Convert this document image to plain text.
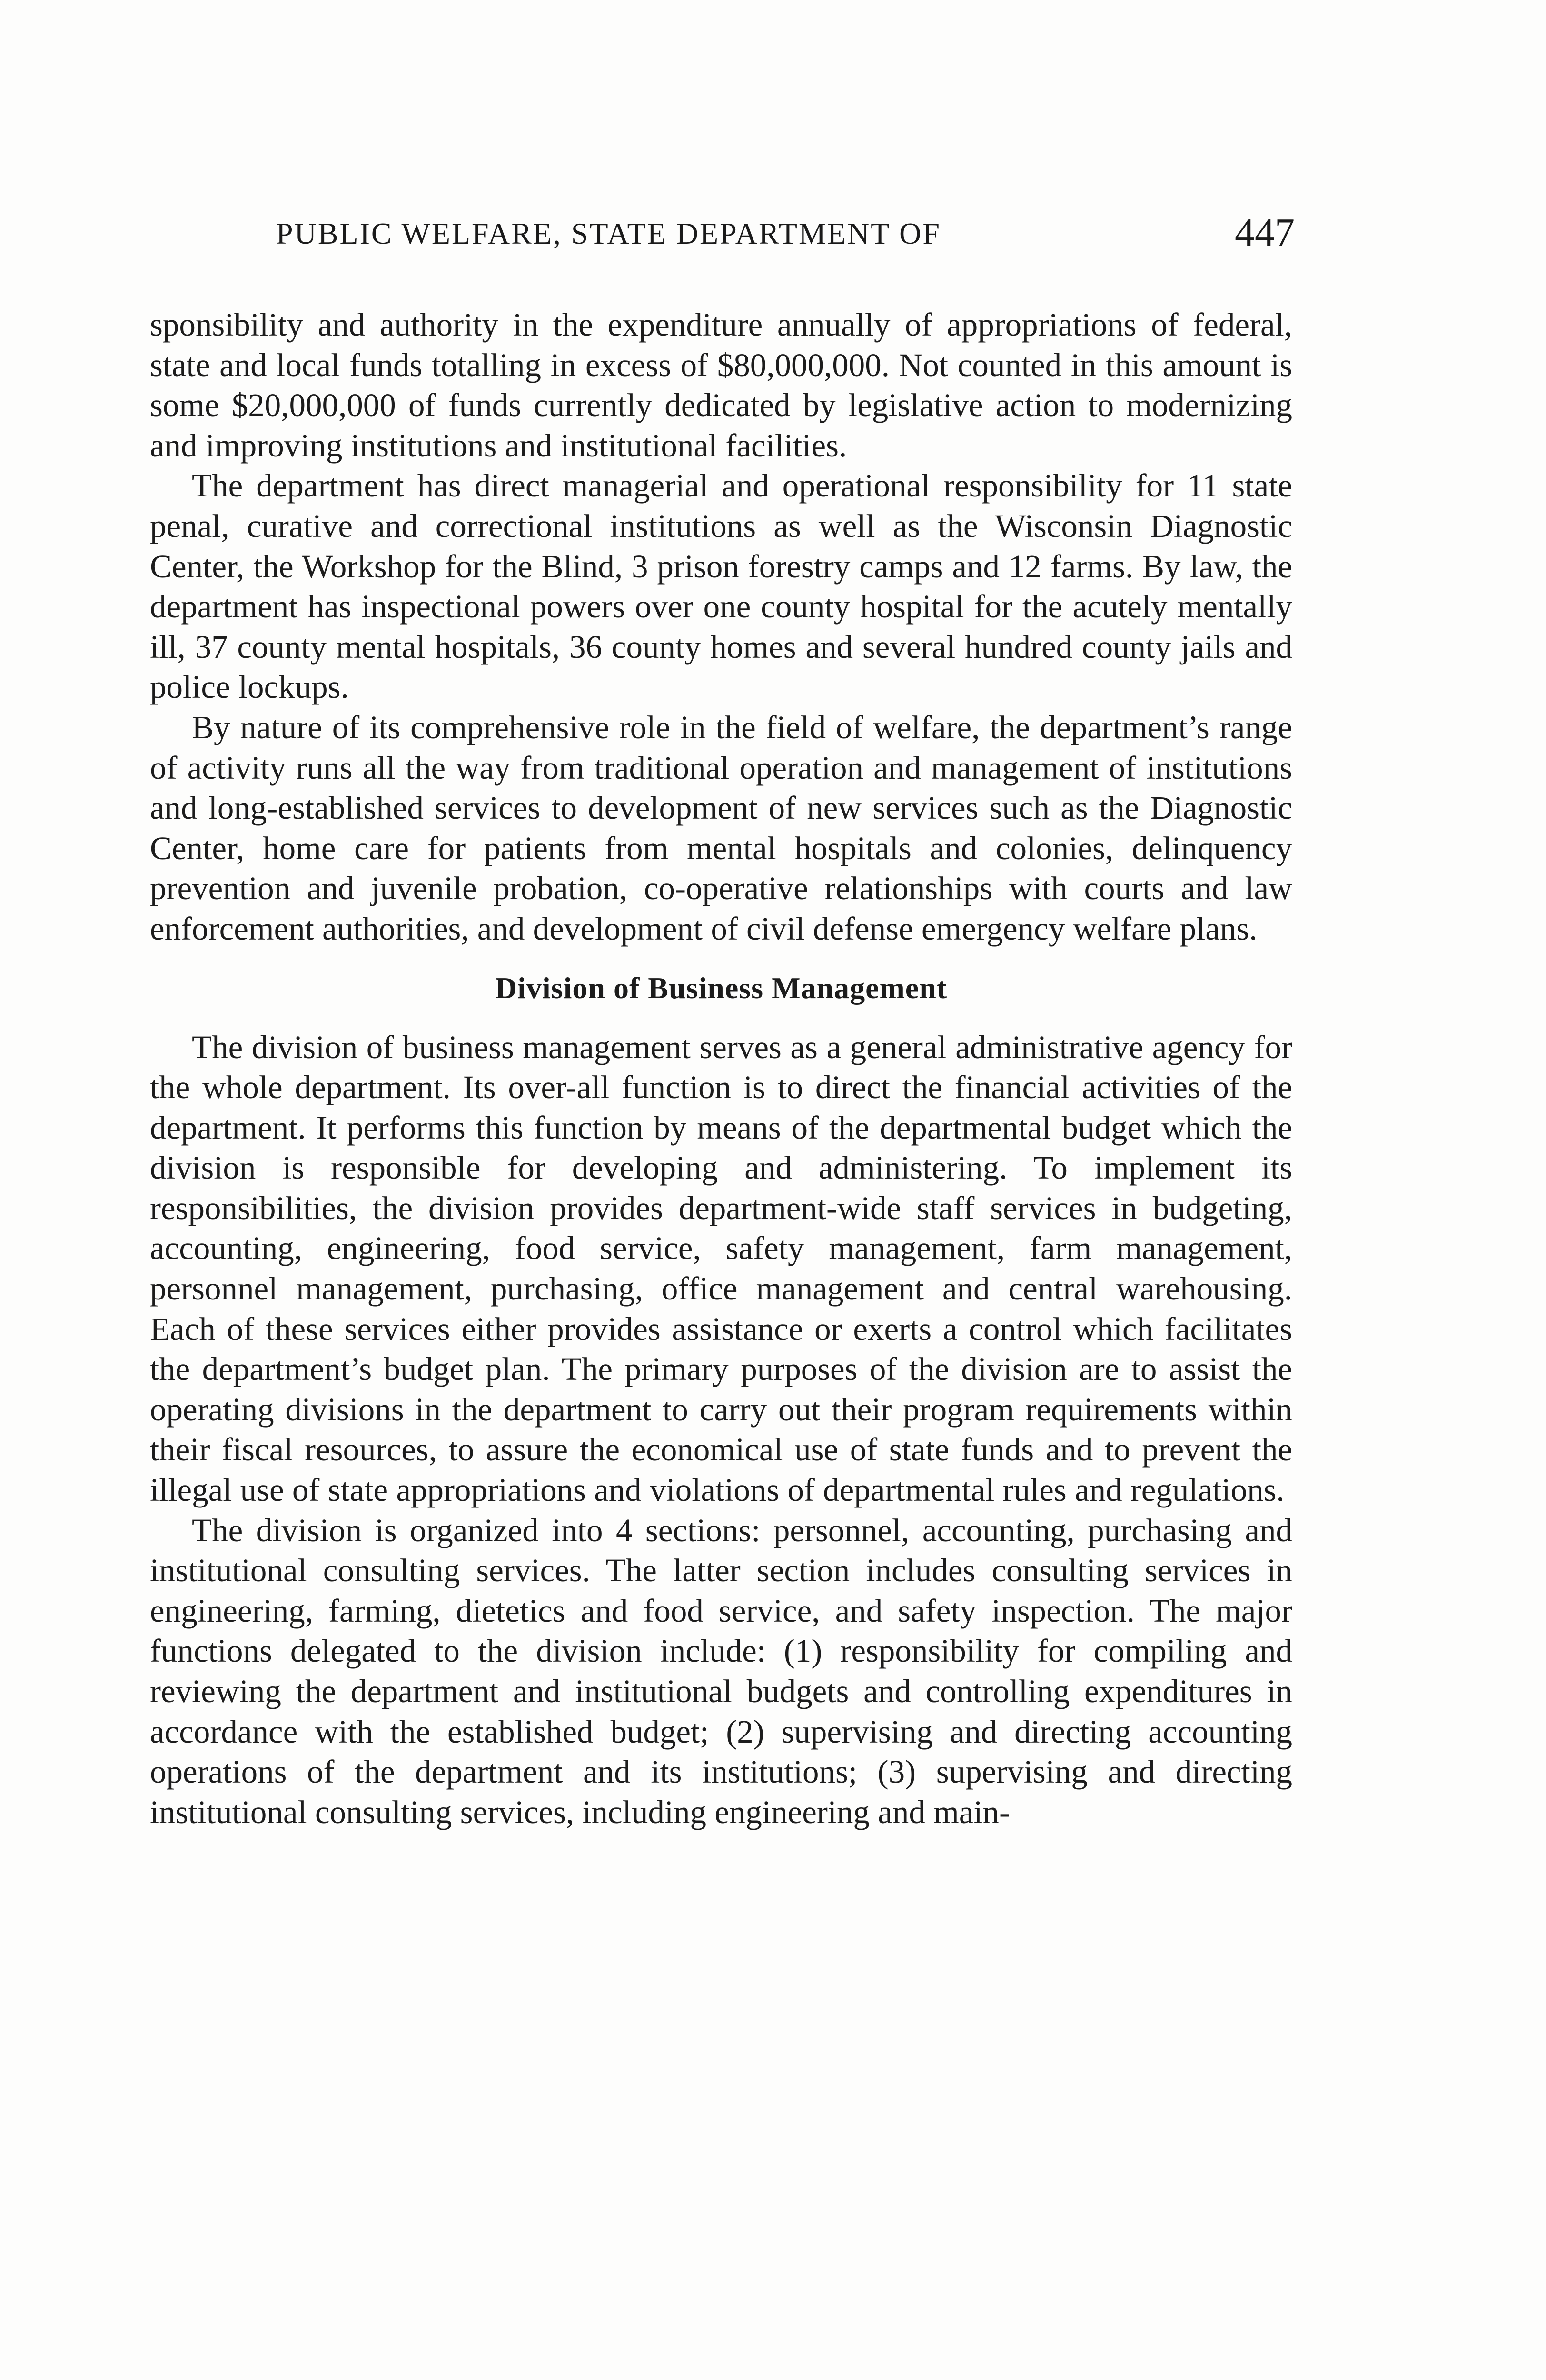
PUBLIC WELFARE, STATE DEPARTMENT OF	447

sponsibility and authority in the expenditure annually of appropriations of federal, state and local funds totalling in excess of $80,000,000. Not counted in this amount is some $20,000,000 of funds currently dedicated by legislative action to modernizing and improving institutions and institutional facilities.

The department has direct managerial and operational responsibility for 11 state penal, curative and correctional institutions as well as the Wisconsin Diagnostic Center, the Workshop for the Blind, 3 prison forestry camps and 12 farms. By law, the department has inspectional powers over one county hospital for the acutely mentally ill, 37 county mental hospitals, 36 county homes and several hundred county jails and police lockups.

By nature of its comprehensive role in the field of welfare, the department’s range of activity runs all the way from traditional operation and management of institutions and long-established services to development of new services such as the Diagnostic Center, home care for patients from mental hospitals and colonies, delinquency prevention and juvenile probation, co-operative relationships with courts and law enforcement authorities, and development of civil defense emergency welfare plans.

Division of Business Management

The division of business management serves as a general administrative agency for the whole department. Its over-all function is to direct the financial activities of the department. It performs this function by means of the departmental budget which the division is responsible for developing and administering. To implement its responsibilities, the division provides department-wide staff services in budgeting, accounting, engineering, food service, safety management, farm management, personnel management, purchasing, office management and central warehousing. Each of these services either provides assistance or exerts a control which facilitates the department’s budget plan. The primary purposes of the division are to assist the operating divisions in the department to carry out their program requirements within their fiscal resources, to assure the economical use of state funds and to prevent the illegal use of state appropriations and violations of departmental rules and regulations.

The division is organized into 4 sections: personnel, accounting, purchasing and institutional consulting services. The latter section includes consulting services in engineering, farming, dietetics and food service, and safety inspection. The major functions delegated to the division include: (1) responsibility for compiling and reviewing the department and institutional budgets and controlling expenditures in accordance with the established budget; (2) supervising and directing accounting operations of the department and its institutions; (3) supervising and directing institutional consulting services, including engineering and main-
